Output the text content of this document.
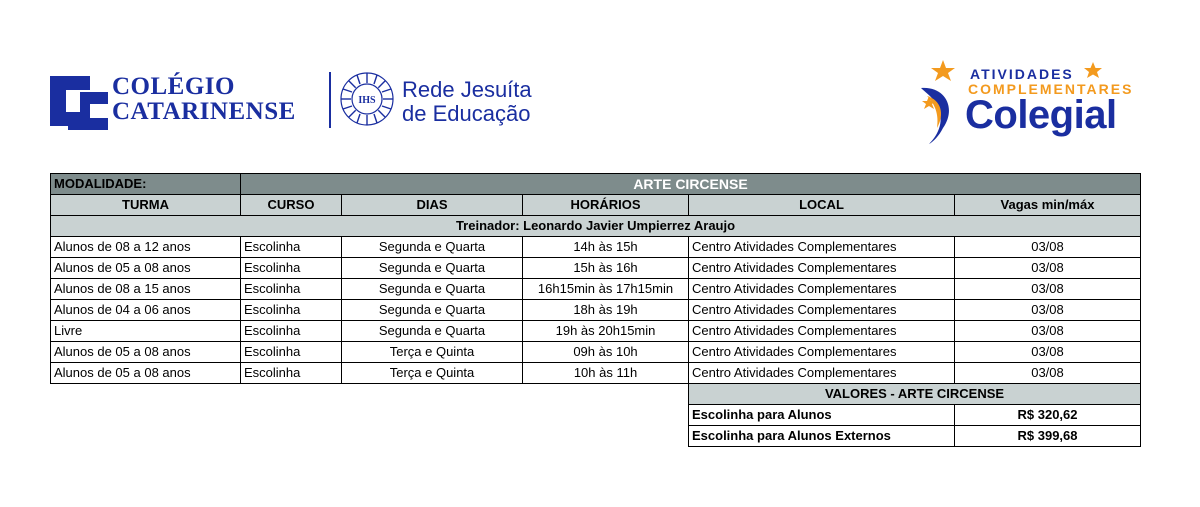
COLÉGIO
CATARINENSE	IHS Rede Jesuíta
de Educação
ATIVIDADES
COMPLEMENTARES
Colegial
MODALIDADE:	ARTE CIRCENSE				
TURMA	CURSO	DIAS	HORÁRIOS	LOCAL	Vagas min/máx
Treinador: Leonardo Javier Umpierrez Araujo					
Alunos de 08 a 12 anos	Escolinha	Segunda e Quarta	14h às 15h	Centro Atividades Complementares	03/08
Alunos de 05 a 08 anos	Escolinha	Segunda e Quarta	15h às 16h	Centro Atividades Complementares	03/08
Alunos de 08 a 15 anos	Escolinha	Segunda e Quarta	16h15min às 17h15min	Centro Atividades Complementares	03/08
Alunos de 04 a 06 anos	Escolinha	Segunda e Quarta	18h às 19h	Centro Atividades Complementares	03/08
Livre	Escolinha	Segunda e Quarta	19h às 20h15min	Centro Atividades Complementares	03/08
Alunos de 05 a 08 anos	Escolinha	Terça e Quinta	09h às 10h	Centro Atividades Complementares	03/08
Alunos de 05 a 08 anos	Escolinha	Terça e Quinta	10h às 11h	Centro Atividades Complementares	03/08
				VALORES - ARTE CIRCENSE	
				Escolinha para Alunos	R$ 320,62
				Escolinha para Alunos Externos	R$ 399,68
